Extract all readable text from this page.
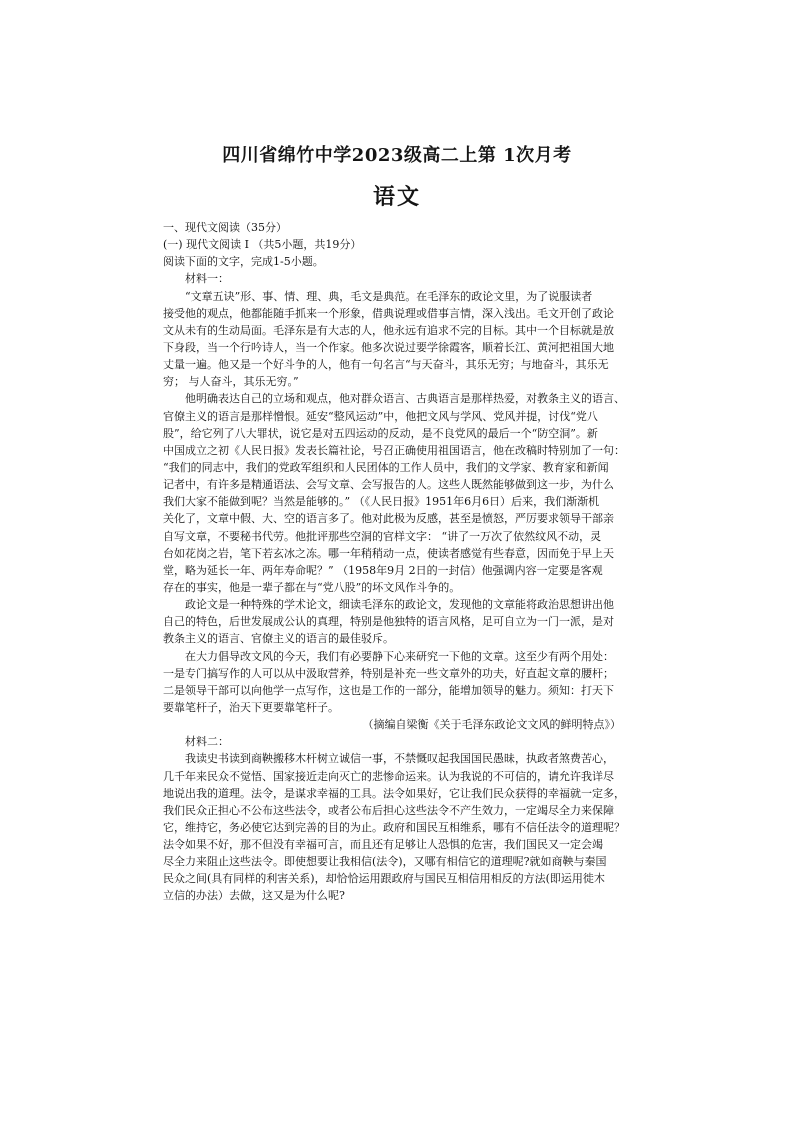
四川省绵竹中学2023级高二上第 1次月考
语文
一、现代文阅读（35分）
(一) 现代文阅读 I （共5小题，共19分）
阅读下面的文字，完成1-5小题。
材料一：
“文章五诀”形、事、情、理、典，毛文是典范。在毛泽东的政论文里，为了说服读者
接受他的观点，他都能随手抓来一个形象，借典说理或借事言情，深入浅出。毛文开创了政论
文从未有的生动局面。毛泽东是有大志的人，他永远有追求不完的目标。其中一个目标就是放
下身段，当一个行吟诗人，当一个作家。他多次说过要学徐霞客，顺着长江、黄河把祖国大地
丈量一遍。他又是一个好斗争的人，他有一句名言“与天奋斗，其乐无穷；与地奋斗，其乐无
穷； 与人奋斗，其乐无穷。”
他明确表达自己的立场和观点，他对群众语言、古典语言是那样热爱，对教条主义的语言、
官僚主义的语言是那样憎恨。延安“整风运动”中，他把文风与学风、党风并提，讨伐“党八
股”，给它列了八大罪状，说它是对五四运动的反动，是不良党风的最后一个“防空洞”。新
中国成立之初《人民日报》发表长篇社论，号召正确使用祖国语言，他在改稿时特别加了一句：
“我们的同志中，我们的党政军组织和人民团体的工作人员中，我们的文学家、教育家和新闻
记者中，有许多是精通语法、会写文章、会写报告的人。这些人既然能够做到这一步，为什么
我们大家不能做到呢？当然是能够的。” （《人民日报》1951年6月6日）后来，我们渐渐机
关化了，文章中假、大、空的语言多了。他对此极为反感，甚至是愤怒，严厉要求领导干部亲
自写文章，不要秘书代劳。他批评那些空洞的官样文字： “讲了一万次了依然纹风不动，灵
台如花岗之岩，笔下若玄冰之冻。哪一年稍稍动一点，使读者感觉有些春意，因而免于早上天
堂，略为延长一年、两年寿命呢？” （1958年9月 2日的一封信）他强调内容一定要是客观
存在的事实，他是一辈子都在与“党八股”的坏文风作斗争的。
政论文是一种特殊的学术论文，细读毛泽东的政论文，发现他的文章能将政治思想讲出他
自己的特色，后世发展成公认的真理，特别是他独特的语言风格，足可自立为一门一派，是对
教条主义的语言、官僚主义的语言的最佳驳斥。
在大力倡导改文风的今天，我们有必要静下心来研究一下他的文章。这至少有两个用处：
一是专门搞写作的人可以从中汲取营养，特别是补充一些文章外的功夫，好直起文章的腰杆；
二是领导干部可以向他学一点写作，这也是工作的一部分，能增加领导的魅力。须知：打天下
要靠笔杆子，治天下更要靠笔杆子。
（摘编自梁衡《关于毛泽东政论文文风的鲜明特点》）
材料二：
我读史书读到商鞅搬移木杆树立诚信一事，不禁慨叹起我国国民愚昧，执政者煞费苦心，
几千年来民众不觉悟、国家接近走向灭亡的悲惨命运来。认为我说的不可信的，请允许我详尽
地说出我的道理。法令，是谋求幸福的工具。法令如果好，它让我们民众获得的幸福就一定多，
我们民众正担心不公布这些法令，或者公布后担心这些法令不产生效力，一定竭尽全力来保障
它，维持它，务必使它达到完善的目的为止。政府和国民互相维系，哪有不信任法令的道理呢？
法令如果不好，那不但没有幸福可言，而且还有足够让人恐惧的危害，我们国民又一定会竭
尽全力来阻止这些法令。即使想要让我相信(法令)，又哪有相信它的道理呢?就如商鞅与秦国
民众之间(具有同样的利害关系)，却恰恰运用跟政府与国民互相信用相反的方法(即运用徙木
立信的办法）去做，这又是为什么呢?
